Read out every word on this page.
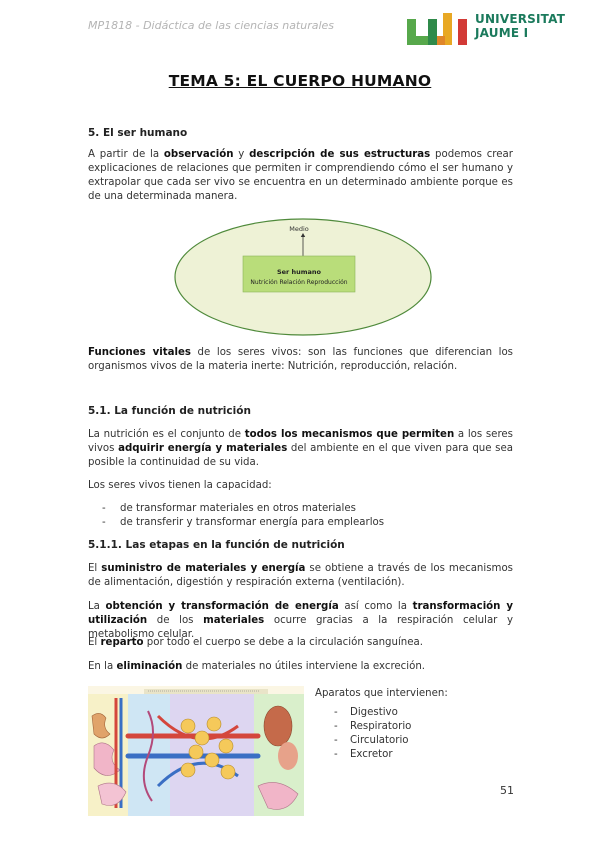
MP1818 - Didáctica de las ciencias naturales	UNIVERSITAT
JAUME I
TEMA 5: EL CUERPO HUMANO
5. El ser humano
A partir de la observación y descripción de sus estructuras podemos crear explicaciones de relaciones que permiten ir comprendiendo cómo el ser humano y extrapolar que cada ser vivo se encuentra en un determinado ambiente porque es de una determinada manera.
Medio
Ser humano
Nutrición Relación Reproducción
Funciones vitales de los seres vivos: son las funciones que diferencian los organismos vivos de la materia inerte: Nutrición, reproducción, relación.
5.1. La función de nutrición
La nutrición es el conjunto de todos los mecanismos que permiten a los seres vivos adquirir energía y materiales del ambiente en el que viven para que sea posible la continuidad de su vida.
Los seres vivos tienen la capacidad:
- de transformar materiales en otros materiales
- de transferir y transformar energía para emplearlos
5.1.1. Las etapas en la función de nutrición
El suministro de materiales y energía se obtiene a través de los mecanismos de alimentación, digestión y respiración externa (ventilación).
La obtención y transformación de energía así como la transformación y utilización de los materiales ocurre gracias a la respiración celular y metabolismo celular.
El reparto por todo el cuerpo se debe a la circulación sanguínea.
En la eliminación de materiales no útiles interviene la excreción.
Aparatos que intervienen:
- Digestivo
- Respiratorio
- Circulatorio
- Excretor
51
